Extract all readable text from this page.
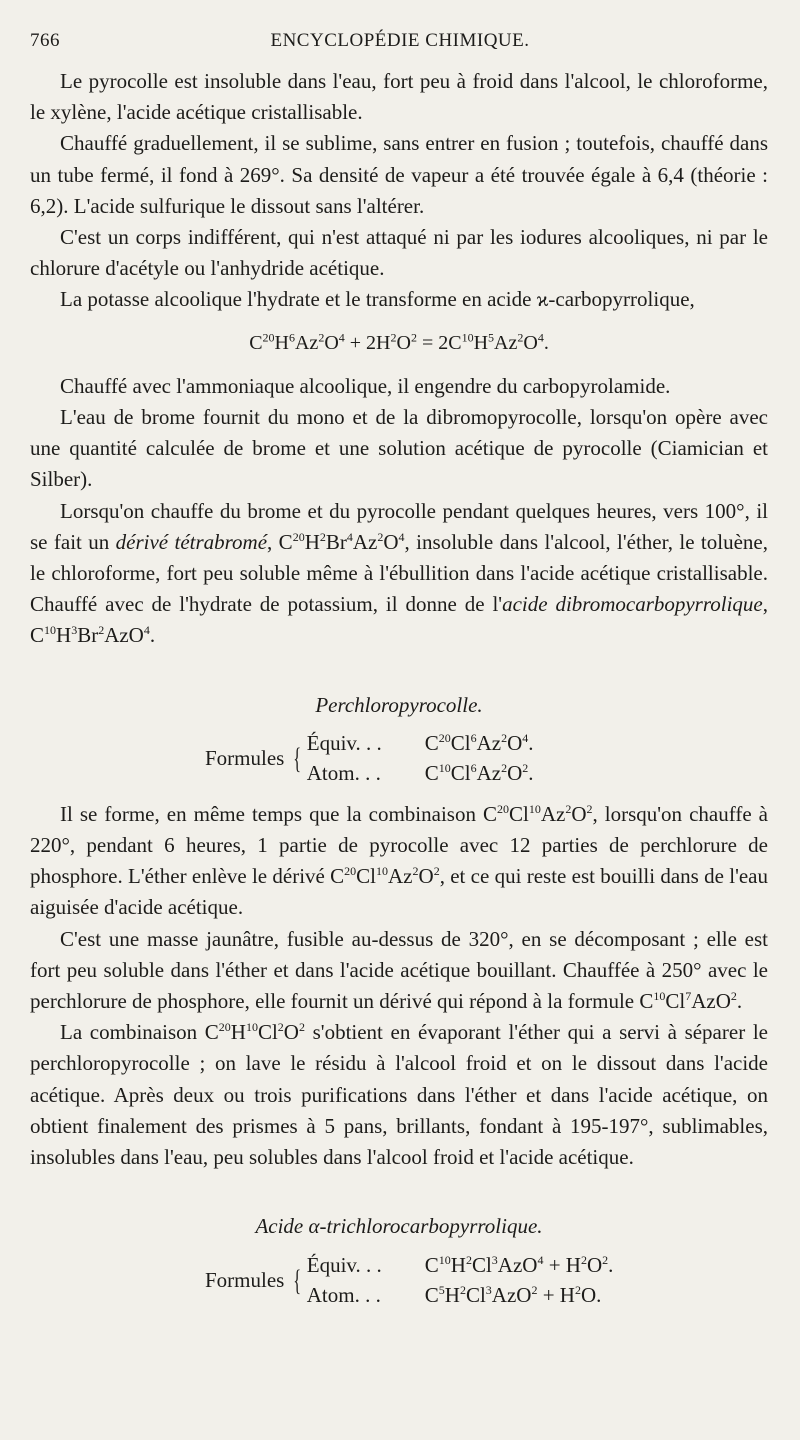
766	ENCYCLOPÉDIE CHIMIQUE.

Le pyrocolle est insoluble dans l'eau, fort peu à froid dans l'alcool, le chloroforme, le xylène, l'acide acétique cristallisable.

Chauffé graduellement, il se sublime, sans entrer en fusion ; toutefois, chauffé dans un tube fermé, il fond à 269°. Sa densité de vapeur a été trouvée égale à 6,4 (théorie : 6,2). L'acide sulfurique le dissout sans l'altérer.

C'est un corps indifférent, qui n'est attaqué ni par les iodures alcooliques, ni par le chlorure d'acétyle ou l'anhydride acétique.

La potasse alcoolique l'hydrate et le transforme en acide ϰ-carbopyrrolique,

$C^{20}H^6Az^2O^4 + 2H^2O^2 = 2C^{10}H^5Az^2O^4$.

Chauffé avec l'ammoniaque alcoolique, il engendre du carbopyrolamide.

L'eau de brome fournit du mono et de la dibromopyrocolle, lorsqu'on opère avec une quantité calculée de brome et une solution acétique de pyrocolle (Ciamician et Silber).

Lorsqu'on chauffe du brome et du pyrocolle pendant quelques heures, vers 100°, il se fait un dérivé tétrabromé, $C^{20}H^2Br^4Az^2O^4$, insoluble dans l'alcool, l'éther, le toluène, le chloroforme, fort peu soluble même à l'ébullition dans l'acide acétique cristallisable. Chauffé avec de l'hydrate de potassium, il donne de l'acide dibromocarbopyrrolique, $C^{10}H^3Br^2AzO^4$.

Perchloropyrocolle.
Formules { Équiv. . .	$C^{20}Cl^6Az^2O^4$.
Atom. . .	$C^{10}Cl^6Az^2O^2$.

Il se forme, en même temps que la combinaison $C^{20}Cl^{10}Az^2O^2$, lorsqu'on chauffe à 220°, pendant 6 heures, 1 partie de pyrocolle avec 12 parties de perchlorure de phosphore. L'éther enlève le dérivé $C^{20}Cl^{10}Az^2O^2$, et ce qui reste est bouilli dans de l'eau aiguisée d'acide acétique.

C'est une masse jaunâtre, fusible au-dessus de 320°, en se décomposant ; elle est fort peu soluble dans l'éther et dans l'acide acétique bouillant. Chauffée à 250° avec le perchlorure de phosphore, elle fournit un dérivé qui répond à la formule $C^{10}Cl^7AzO^2$.

La combinaison $C^{20}H^{10}Cl^2O^2$ s'obtient en évaporant l'éther qui a servi à séparer le perchloropyrocolle ; on lave le résidu à l'alcool froid et on le dissout dans l'acide acétique. Après deux ou trois purifications dans l'éther et dans l'acide acétique, on obtient finalement des prismes à 5 pans, brillants, fondant à 195-197°, sublimables, insolubles dans l'eau, peu solubles dans l'alcool froid et l'acide acétique.

Acide α-trichlorocarbopyrrolique.
Formules { Équiv. . .	$C^{10}H^2Cl^3AzO^4 + H^2O^2$.
Atom. . .	$C^5H^2Cl^3AzO^2 + H^2O$.
